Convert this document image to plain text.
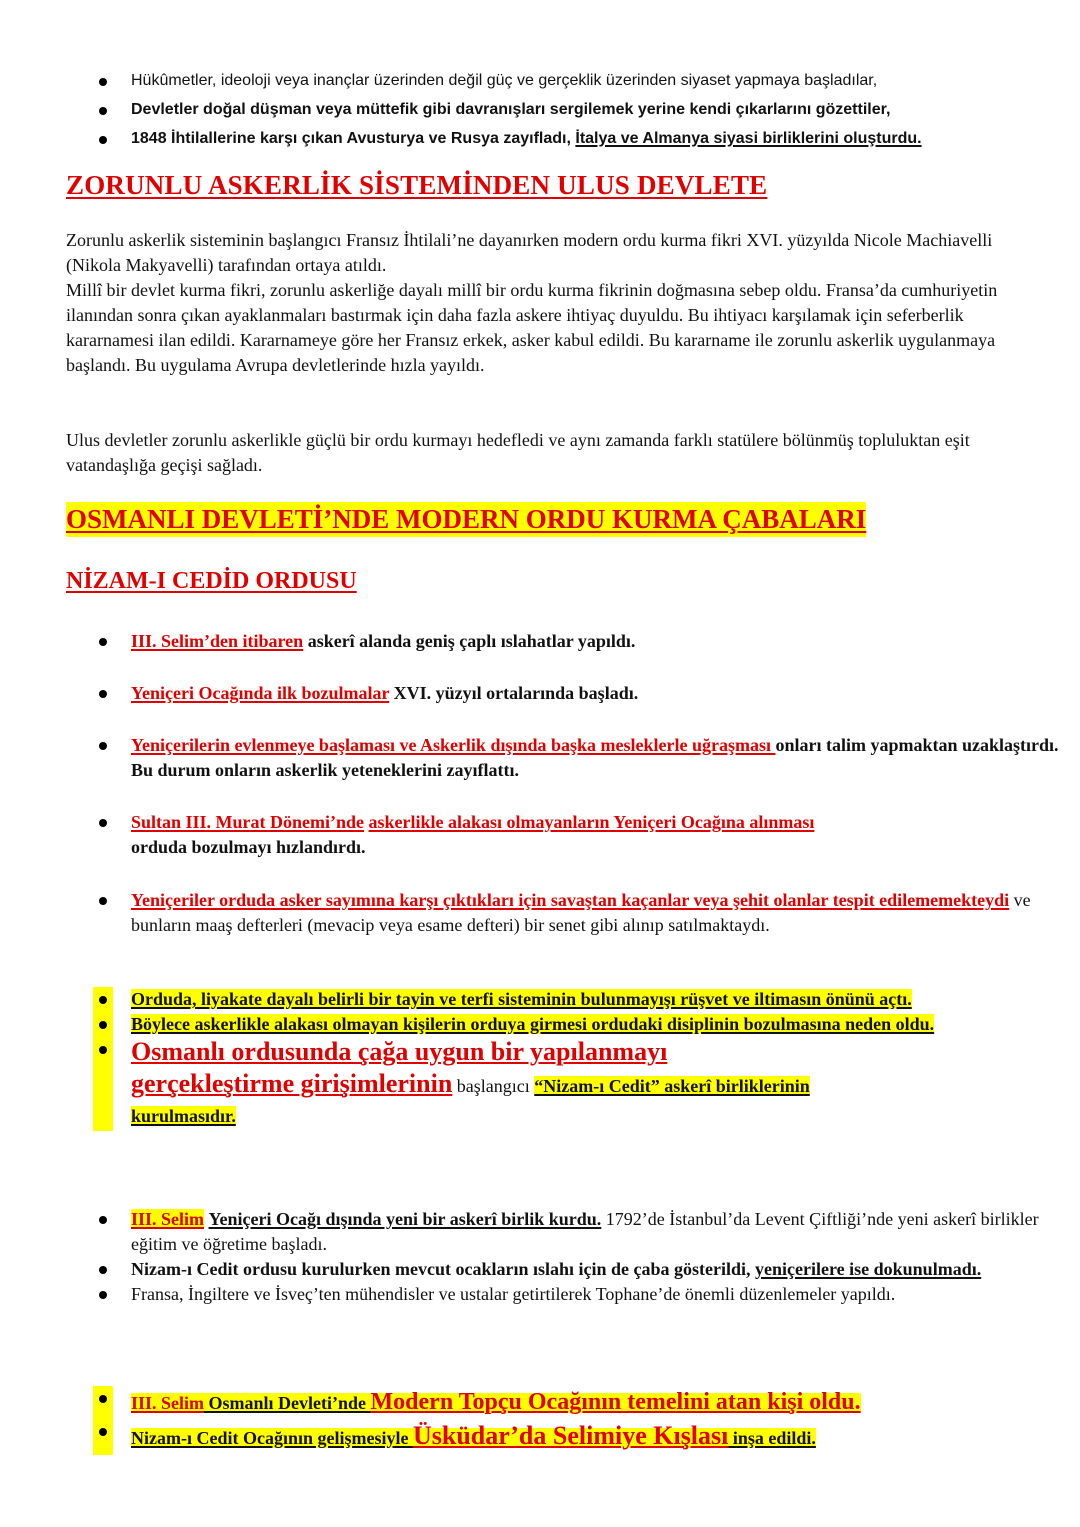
Hükûmetler, ideoloji veya inançlar üzerinden değil güç ve gerçeklik üzerinden siyaset yapmaya başladılar,
Devletler doğal düşman veya müttefik gibi davranışları sergilemek yerine kendi çıkarlarını gözettiler,
1848 İhtilallerine karşı çıkan Avusturya ve Rusya zayıfladı, İtalya ve Almanya siyasi birliklerini oluşturdu.
ZORUNLU ASKERLİK SİSTEMİNDEN ULUS DEVLETE

Zorunlu askerlik sisteminin başlangıcı Fransız İhtilali’ne dayanırken modern ordu kurma fikri XVI. yüzyılda Nicole Machiavelli (Nikola Makyavelli) tarafından ortaya atıldı.
Millî bir devlet kurma fikri, zorunlu askerliğe dayalı millî bir ordu kurma fikrinin doğmasına sebep oldu. Fransa’da cumhuriyetin ilanından sonra çıkan ayaklanmaları bastırmak için daha fazla askere ihtiyaç duyuldu. Bu ihtiyacı karşılamak için seferberlik kararnamesi ilan edildi. Kararnameye göre her Fransız erkek, asker kabul edildi. Bu kararname ile zorunlu askerlik uygulanmaya başlandı. Bu uygulama Avrupa devletlerinde hızla yayıldı.

Ulus devletler zorunlu askerlikle güçlü bir ordu kurmayı hedefledi ve aynı zamanda farklı statülere bölünmüş topluluktan eşit vatandaşlığa geçişi sağladı.

OSMANLI DEVLETİ’NDE MODERN ORDU KURMA ÇABALARI
NİZAM-I CEDİD ORDUSU
III. Selim’den itibaren askerî alanda geniş çaplı ıslahatlar yapıldı.
Yeniçeri Ocağında ilk bozulmalar XVI. yüzyıl ortalarında başladı.
Yeniçerilerin evlenmeye başlaması ve Askerlik dışında başka mesleklerle uğraşması onları talim yapmaktan uzaklaştırdı. Bu durum onların askerlik yeteneklerini zayıflattı.
Sultan III. Murat Dönemi’nde askerlikle alakası olmayanların Yeniçeri Ocağına alınması
orduda bozulmayı hızlandırdı.
Yeniçeriler orduda asker sayımına karşı çıktıkları için savaştan kaçanlar veya şehit olanlar tespit edilememekteydi ve bunların maaş defterleri (mevacip veya esame defteri) bir senet gibi alınıp satılmaktaydı.
Orduda, liyakate dayalı belirli bir tayin ve terfi sisteminin bulunmayışı rüşvet ve iltimasın önünü açtı.
Böylece askerlikle alakası olmayan kişilerin orduya girmesi ordudaki disiplinin bozulmasına neden oldu.
Osmanlı ordusunda çağa uygun bir yapılanmayı
gerçekleştirme girişimlerinin başlangıcı “Nizam-ı Cedit” askerî birliklerinin
kurulmasıdır.
III. Selim Yeniçeri Ocağı dışında yeni bir askerî birlik kurdu. 1792’de İstanbul’da Levent Çiftliği’nde yeni askerî birlikler eğitim ve öğretime başladı.
Nizam-ı Cedit ordusu kurulurken mevcut ocakların ıslahı için de çaba gösterildi, yeniçerilere ise dokunulmadı.
Fransa, İngiltere ve İsveç’ten mühendisler ve ustalar getirtilerek Tophane’de önemli düzenlemeler yapıldı.
III. Selim Osmanlı Devleti’nde Modern Topçu Ocağının temelini atan kişi oldu.
Nizam-ı Cedit Ocağının gelişmesiyle Üsküdar’da Selimiye Kışlası inşa edildi.
